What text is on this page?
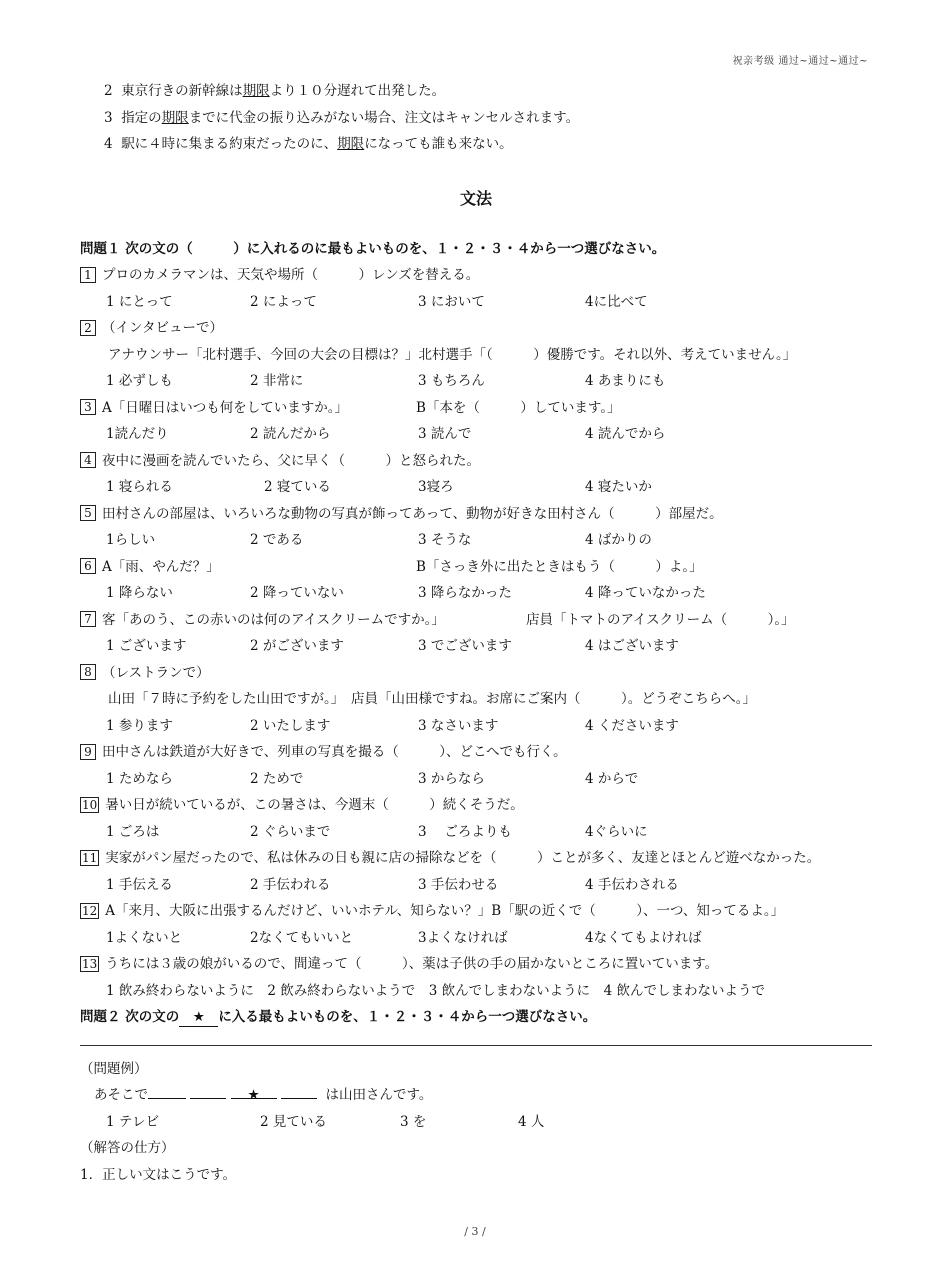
祝亲考级 通过~通过~通过~
2 東京行きの新幹線は期限より１０分遅れて出発した。
3 指定の期限までに代金の振り込みがない場合、注文はキャンセルされます。
4 駅に４時に集まる約束だったのに、期限になっても誰も来ない。
文法
問題１ 次の文の（　　　）に入れるのに最もよいものを、１・２・３・４から一つ選びなさい。
1 プロのカメラマンは、天気や場所（　　　）レンズを替える。
1 にとって	2 によって	3 において	4に比べて
2 （インタビューで）
アナウンサー「北村選手、今回の大会の目標は？」北村選手「（　　　）優勝です。それ以外、考えていません。」
1 必ずしも	2 非常に	3 もちろん	4 あまりにも
3 A「日曜日はいつも何をしていますか。」	B「本を（　　　）しています。」
1読んだり	2 読んだから	3 読んで	4 読んでから
4 夜中に漫画を読んでいたら、父に早く（　　　）と怒られた。
1 寝られる	2 寝ている	3寝ろ	4 寝たいか
5 田村さんの部屋は、いろいろな動物の写真が飾ってあって、動物が好きな田村さん（　　　）部屋だ。
1らしい	2 である	3 そうな	4 ばかりの
6 A「雨、やんだ？」	B「さっき外に出たときはもう（　　　）よ。」
1 降らない	2 降っていない	3 降らなかった	4 降っていなかった
7 客「あのう、この赤いのは何のアイスクリームですか。」	店員「トマトのアイスクリーム（　　　）。」
1 ございます	2 がございます	3 でございます	4 はございます
8 （レストランで）
山田「７時に予約をした山田ですが。」　店員「山田様ですね。お席にご案内（　　　）。どうぞこちらへ。」
1 参ります	2 いたします	3 なさいます	4 くださいます
9 田中さんは鉄道が大好きで、列車の写真を撮る（　　　）、どこへでも行く。
1 ためなら	2 ためで	3 からなら	4 からで
10 暑い日が続いているが、この暑さは、今週末（　　　）続くそうだ。
1 ごろは	2 ぐらいまで	3　 ごろよりも	4ぐらいに
11 実家がパン屋だったので、私は休みの日も親に店の掃除などを（　　　）ことが多く、友達とほとんど遊べなかった。
1 手伝える	2 手伝われる	3 手伝わせる	4 手伝わされる
12 A「来月、大阪に出張するんだけど、いいホテル、知らない？」B「駅の近くで（　　　）、一つ、知ってるよ。」
1よくないと	2なくてもいいと	3よくなければ	4なくてもよければ
13 うちには３歳の娘がいるので、間違って（　　　）、薬は子供の手の届かないところに置いています。
1 飲み終わらないように　2 飲み終わらないようで　3 飲んでしまわないように　4 飲んでしまわないようで
問題２ 次の文の　★　に入る最もよいものを、１・２・３・４から一つ選びなさい。
（問題例）
あそこで	★	は山田さんです。
1 テレビ	2 見ている	3 を	4 人
（解答の仕方）
1．正しい文はこうです。
/ 3 /
